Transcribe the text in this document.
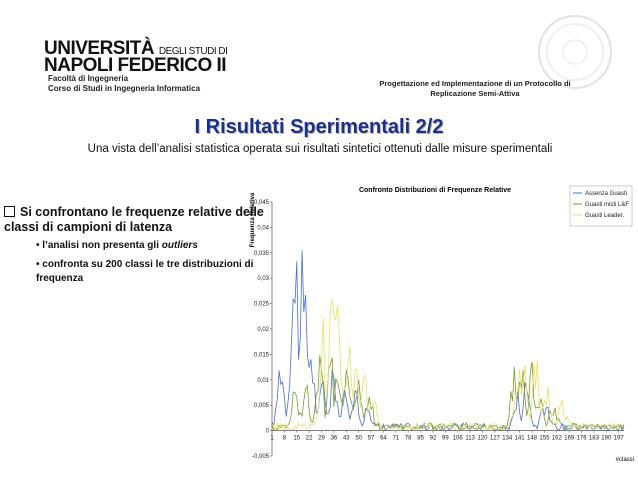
UNIVERSITÀ DEGLI STUDI DI
NAPOLI FEDERICO II
Facoltà di Ingegneria
Corso di Studi in Ingegneria Informatica
Progettazione ed Implementazione di un Protocollo di
Replicazione Semi-Attiva
I Risultati Sperimentali 2/2
Una vista dell’analisi statistica operata sui risultati sintetici ottenuti dalle misure sperimentali
Si confrontano le frequenze relative delle classi di campioni di latenza
• l’analisi non presenta gli outliers
• confronta su 200 classi le tre distribuzioni di frequenza
Confronto Distribuzioni di Frequenze Relative
Frequenza Relativa
#classi
0,045
0,04
0,035
0,03
0,025
0,02
0,015
0,01
0,005
0
-0,005
1 8 15 22 29 36 43 50 57 64 71 78 85 92 99 106 113 120 127 134 141 148 155 162 169 176 183 190 197
Assenza Guasti
Guasti misti L&F
Guasti Leader.
